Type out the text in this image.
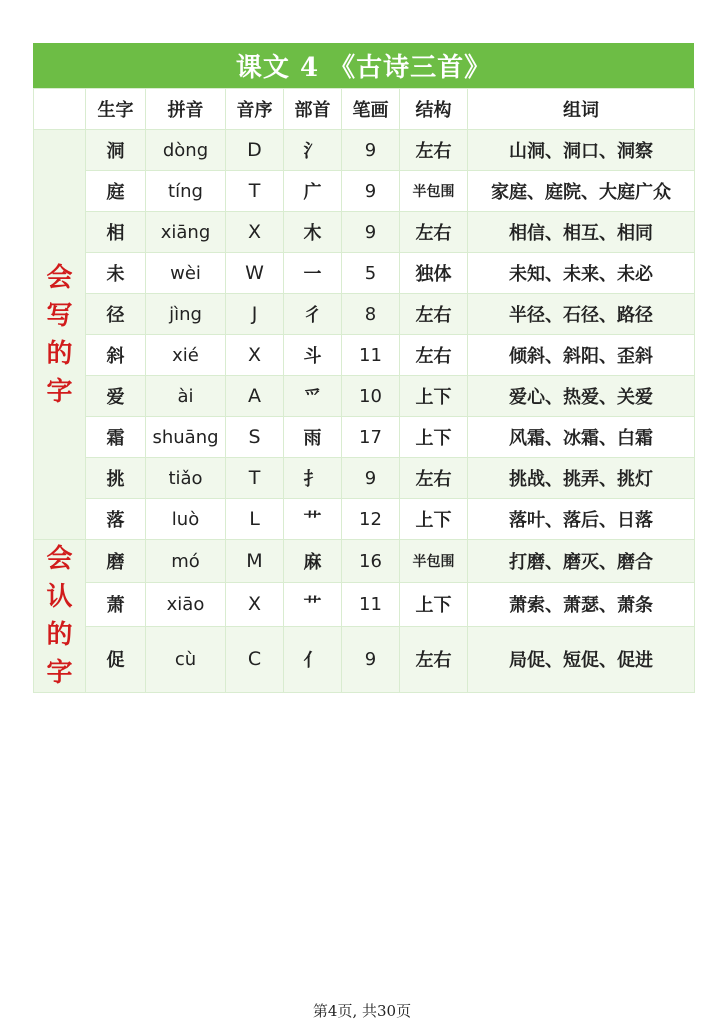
课文 4 《古诗三首》
	生字	拼音	音序	部首	笔画	结构	组词

会
写
的
字	洞	dòng	D	氵	9	左右	山洞、洞口、洞察
	庭	tíng	T	广	9	半包围	家庭、庭院、大庭广众
	相	xiāng	X	木	9	左右	相信、相互、相同
	未	wèi	W	一	5	独体	未知、未来、未必
	径	jìng	J	彳	8	左右	半径、石径、路径
	斜	xié	X	斗	11	左右	倾斜、斜阳、歪斜
	爱	ài	A	爫	10	上下	爱心、热爱、关爱
	霜	shuāng	S	雨	17	上下	风霜、冰霜、白霜
	挑	tiǎo	T	扌	9	左右	挑战、挑弄、挑灯
	落	luò	L	艹	12	上下	落叶、落后、日落

会
认
的
字	磨	mó	M	麻	16	半包围	打磨、磨灭、磨合
	萧	xiāo	X	艹	11	上下	萧索、萧瑟、萧条
	促	cù	C	亻	9	左右	局促、短促、促进
第4页, 共30页
